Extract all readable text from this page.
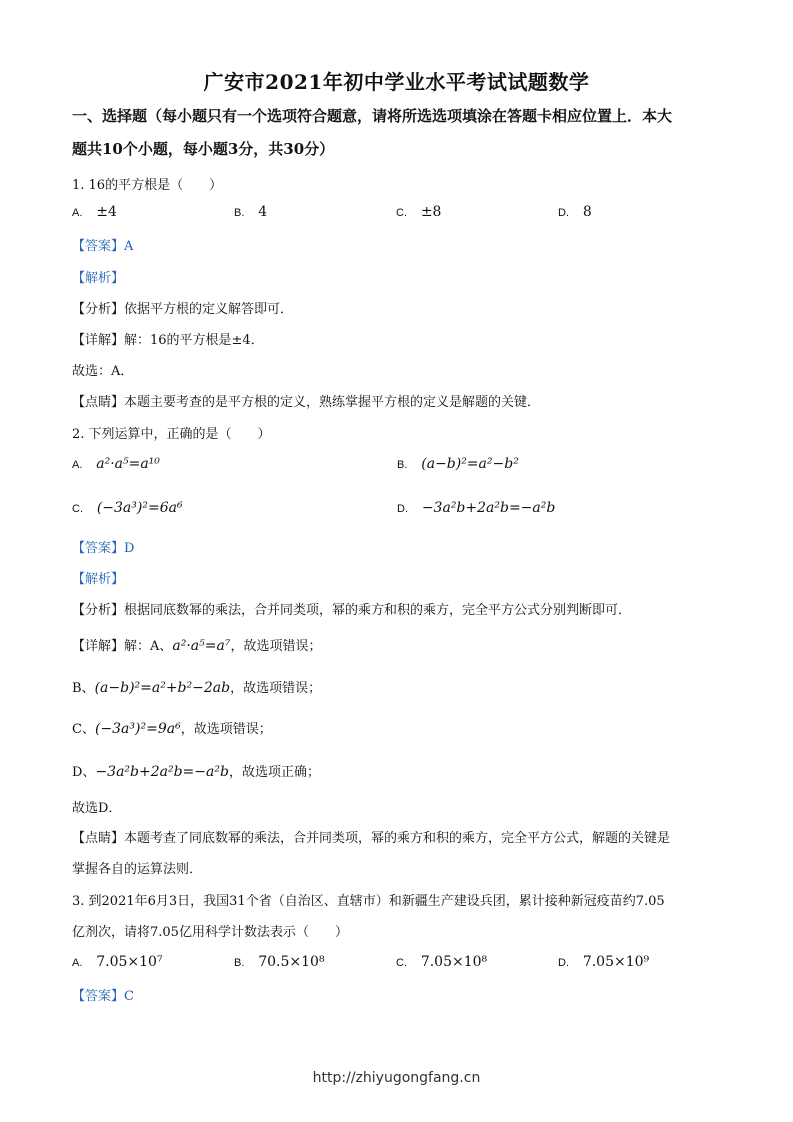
广安市2021年初中学业水平考试试题数学
一、选择题（每小题只有一个选项符合题意，请将所选选项填涂在答题卡相应位置上．本大
题共10个小题，每小题3分，共30分）
1. 16的平方根是（　　）
A. ±4	B. 4	C. ±8	D. 8
【答案】A
【解析】
【分析】依据平方根的定义解答即可．
【详解】解：16的平方根是±4．
故选：A．
【点睛】本题主要考查的是平方根的定义，熟练掌握平方根的定义是解题的关键．
2. 下列运算中，正确的是（　　）
A. a²·a⁵=a¹⁰	B. (a−b)²=a²−b²
C. (−3a³)²=6a⁶	D. −3a²b+2a²b=−a²b
【答案】D
【解析】
【分析】根据同底数幂的乘法，合并同类项，幂的乘方和积的乘方，完全平方公式分别判断即可．
【详解】解：A、a²·a⁵=a⁷，故选项错误；
B、(a−b)²=a²+b²−2ab，故选项错误；
C、(−3a³)²=9a⁶，故选项错误；
D、−3a²b+2a²b=−a²b，故选项正确；
故选D．
【点睛】本题考查了同底数幂的乘法，合并同类项，幂的乘方和积的乘方，完全平方公式，解题的关键是
掌握各自的运算法则．
3. 到2021年6月3日，我国31个省（自治区、直辖市）和新疆生产建设兵团，累计接种新冠疫苗约7.05
亿剂次，请将7.05亿用科学计数法表示（　　）
A. 7.05×10⁷	B. 70.5×10⁸	C. 7.05×10⁸	D. 7.05×10⁹
【答案】C
http://zhiyugongfang.cn
